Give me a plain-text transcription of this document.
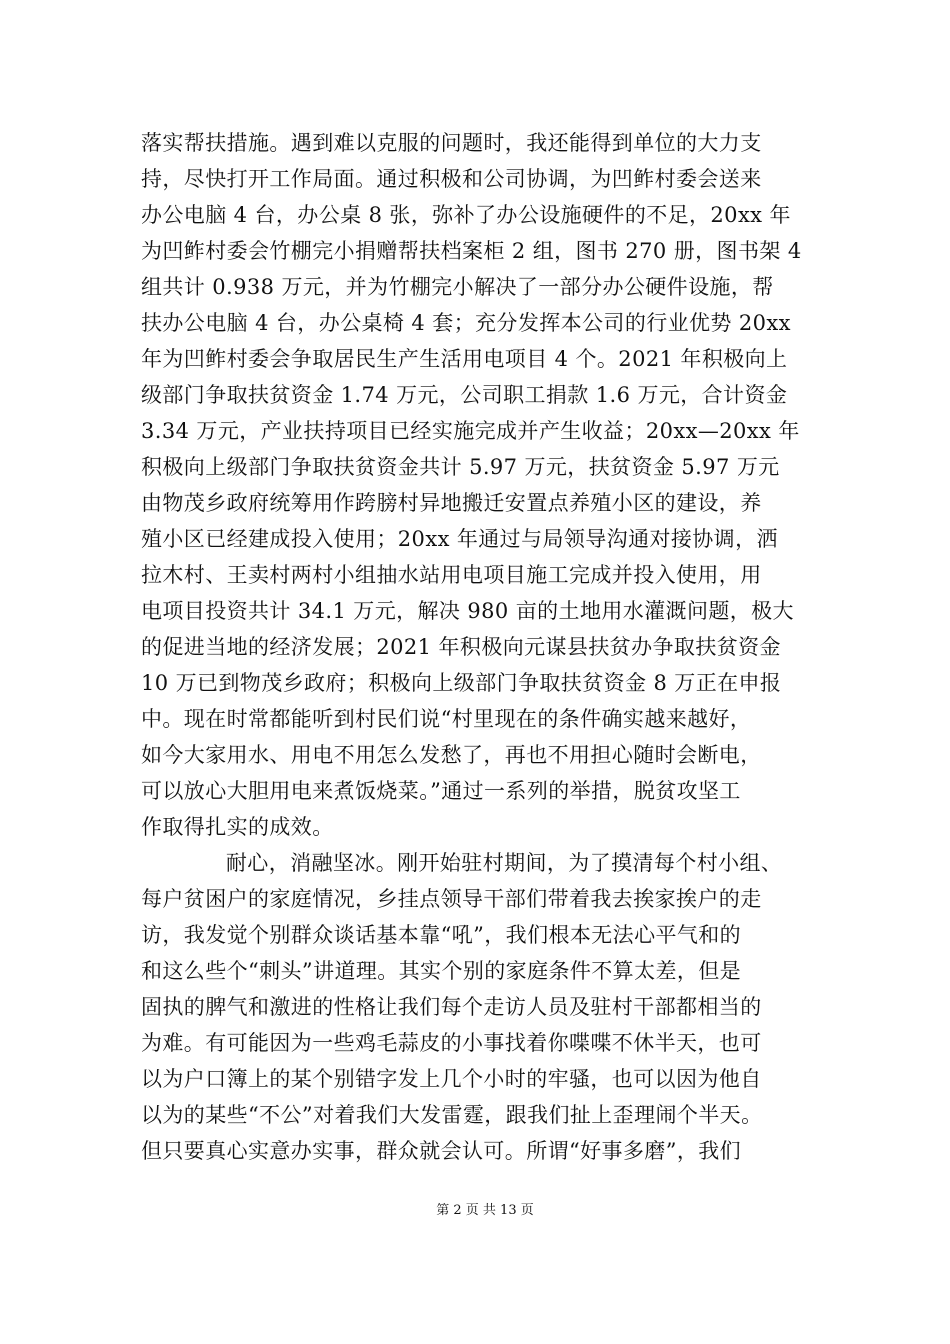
落实帮扶措施。遇到难以克服的问题时，我还能得到单位的大力支
持，尽快打开工作局面。通过积极和公司协调，为凹鲊村委会送来
办公电脑 4 台，办公桌 8 张，弥补了办公设施硬件的不足，20xx 年
为凹鲊村委会竹棚完小捐赠帮扶档案柜 2 组，图书 270 册，图书架 4
组共计 0.938 万元，并为竹棚完小解决了一部分办公硬件设施，帮
扶办公电脑 4 台，办公桌椅 4 套；充分发挥本公司的行业优势 20xx
年为凹鲊村委会争取居民生产生活用电项目 4 个。2021 年积极向上
级部门争取扶贫资金 1.74 万元，公司职工捐款 1.6 万元，合计资金
3.34 万元，产业扶持项目已经实施完成并产生收益；20xx—20xx 年
积极向上级部门争取扶贫资金共计 5.97 万元，扶贫资金 5.97 万元
由物茂乡政府统筹用作跨膀村异地搬迁安置点养殖小区的建设，养
殖小区已经建成投入使用；20xx 年通过与局领导沟通对接协调，洒
拉木村、王卖村两村小组抽水站用电项目施工完成并投入使用，用
电项目投资共计 34.1 万元，解决 980 亩的土地用水灌溉问题，极大
的促进当地的经济发展；2021 年积极向元谋县扶贫办争取扶贫资金
10 万已到物茂乡政府；积极向上级部门争取扶贫资金 8 万正在申报
中。现在时常都能听到村民们说“村里现在的条件确实越来越好，
如今大家用水、用电不用怎么发愁了，再也不用担心随时会断电，
可以放心大胆用电来煮饭烧菜。”通过一系列的举措，脱贫攻坚工
作取得扎实的成效。
耐心，消融坚冰。刚开始驻村期间，为了摸清每个村小组、
每户贫困户的家庭情况，乡挂点领导干部们带着我去挨家挨户的走
访，我发觉个别群众谈话基本靠“吼”，我们根本无法心平气和的
和这么些个“刺头”讲道理。其实个别的家庭条件不算太差，但是
固执的脾气和激进的性格让我们每个走访人员及驻村干部都相当的
为难。有可能因为一些鸡毛蒜皮的小事找着你喋喋不休半天，也可
以为户口簿上的某个别错字发上几个小时的牢骚，也可以因为他自
以为的某些“不公”对着我们大发雷霆，跟我们扯上歪理闹个半天。
但只要真心实意办实事，群众就会认可。所谓“好事多磨”，我们
第 2 页 共 13 页
